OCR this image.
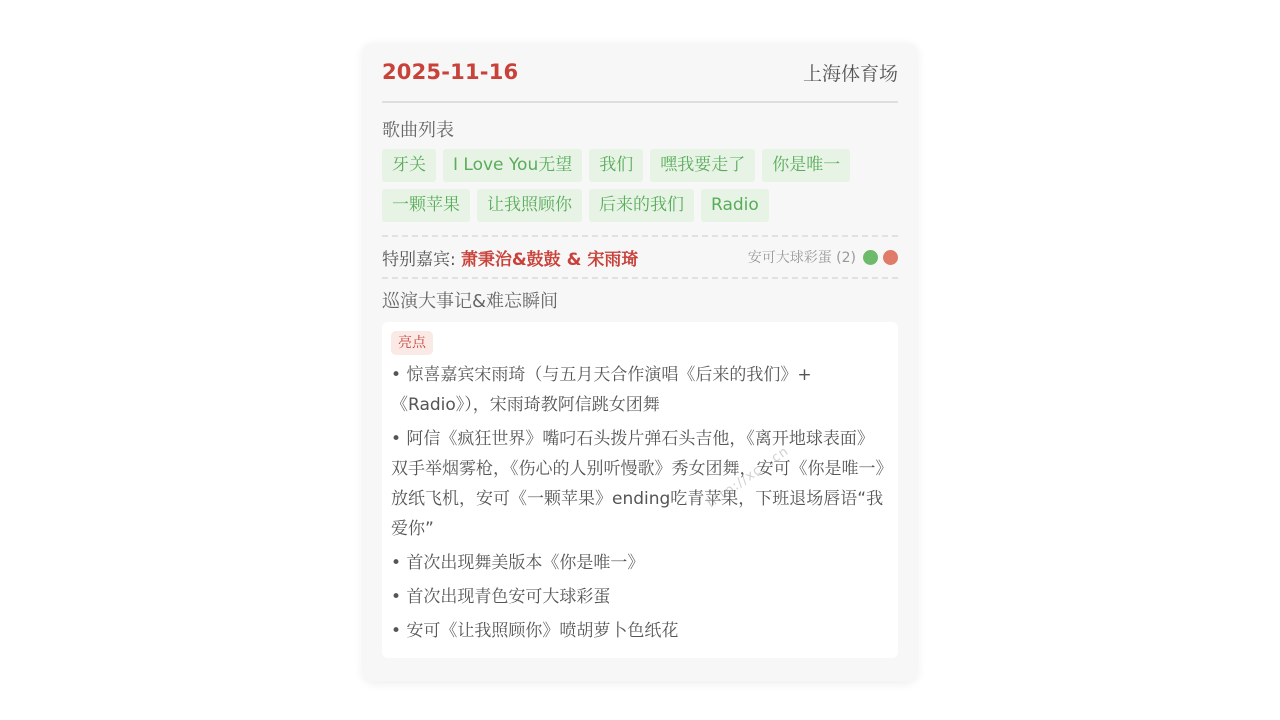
2025-11-16	上海体育场
歌曲列表
牙关	I Love You无望	我们	嘿我要走了	你是唯一
一颗苹果	让我照顾你	后来的我们	Radio
特别嘉宾: 萧秉治&鼓鼓 & 宋雨琦	安可大球彩蛋 (2)
巡演大事记&难忘瞬间
亮点
• 惊喜嘉宾宋雨琦（与五月天合作演唱《后来的我们》+《Radio》），宋雨琦教阿信跳女团舞
• 阿信《疯狂世界》嘴叼石头拨片弹石头吉他，《离开地球表面》双手举烟雾枪，《伤心的人别听慢歌》秀女团舞，安可《你是唯一》放纸飞机，安可《一颗苹果》ending吃青苹果，下班退场唇语“我爱你”
• 首次出现舞美版本《你是唯一》
• 首次出现青色安可大球彩蛋
• 安可《让我照顾你》喷胡萝卜色纸花
http://xc...cn
